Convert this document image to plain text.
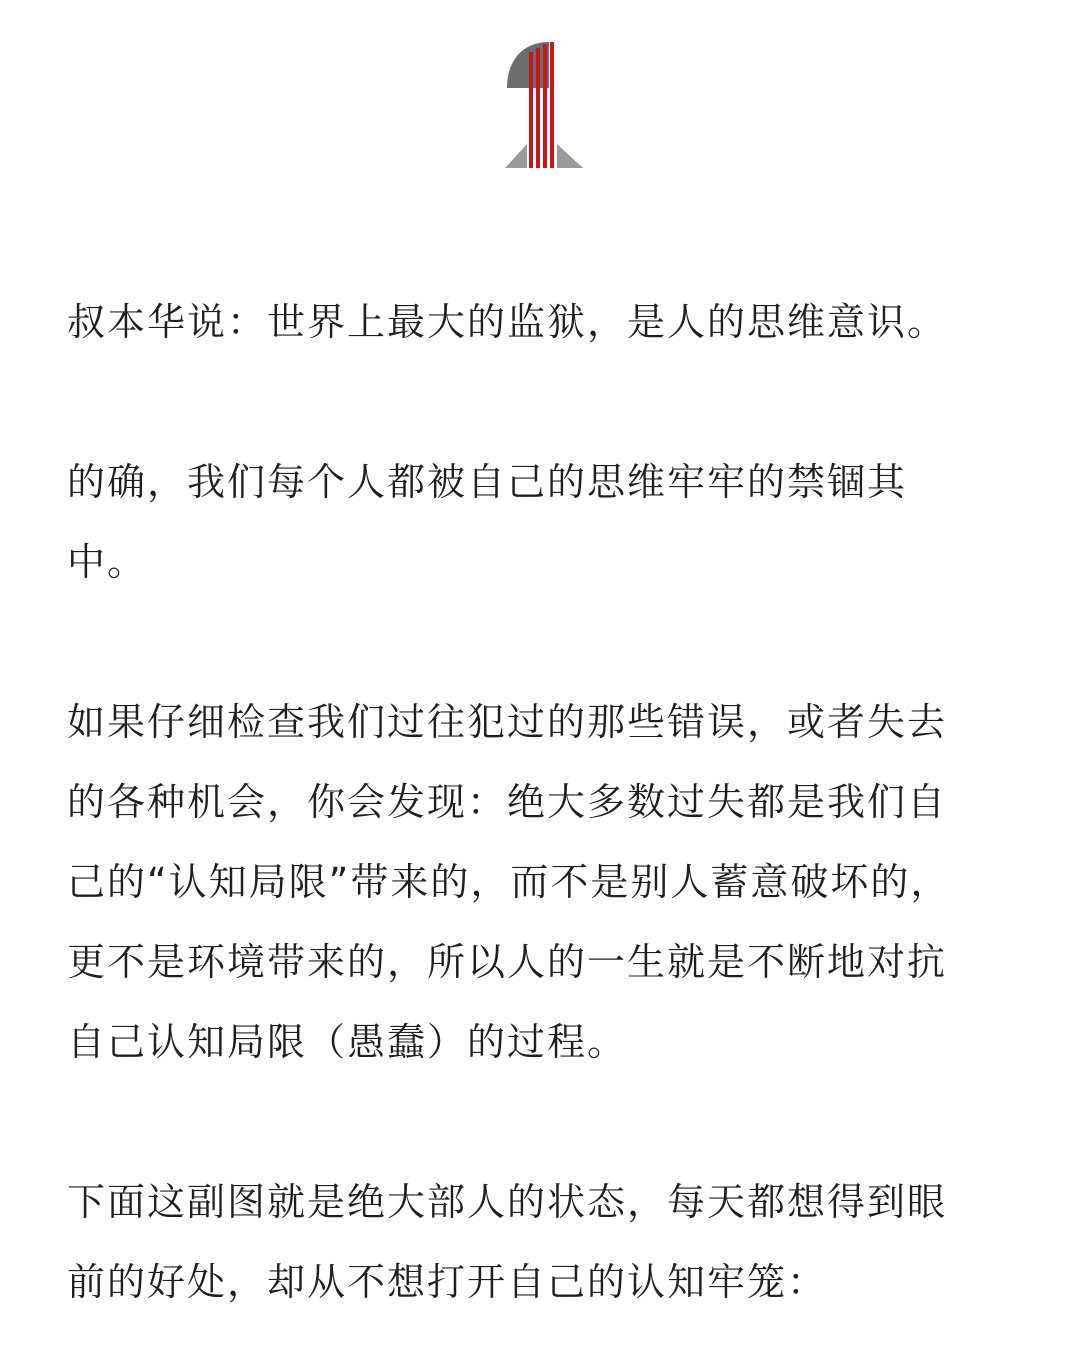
叔本华说：世界上最大的监狱，是人的思维意识。

的确，我们每个人都被自己的思维牢牢的禁锢其
中。

如果仔细检查我们过往犯过的那些错误，或者失去
的各种机会，你会发现：绝大多数过失都是我们自
己的“认知局限”带来的，而不是别人蓄意破坏的，
更不是环境带来的，所以人的一生就是不断地对抗
自己认知局限（愚蠢）的过程。

下面这副图就是绝大部人的状态，每天都想得到眼
前的好处，却从不想打开自己的认知牢笼：
